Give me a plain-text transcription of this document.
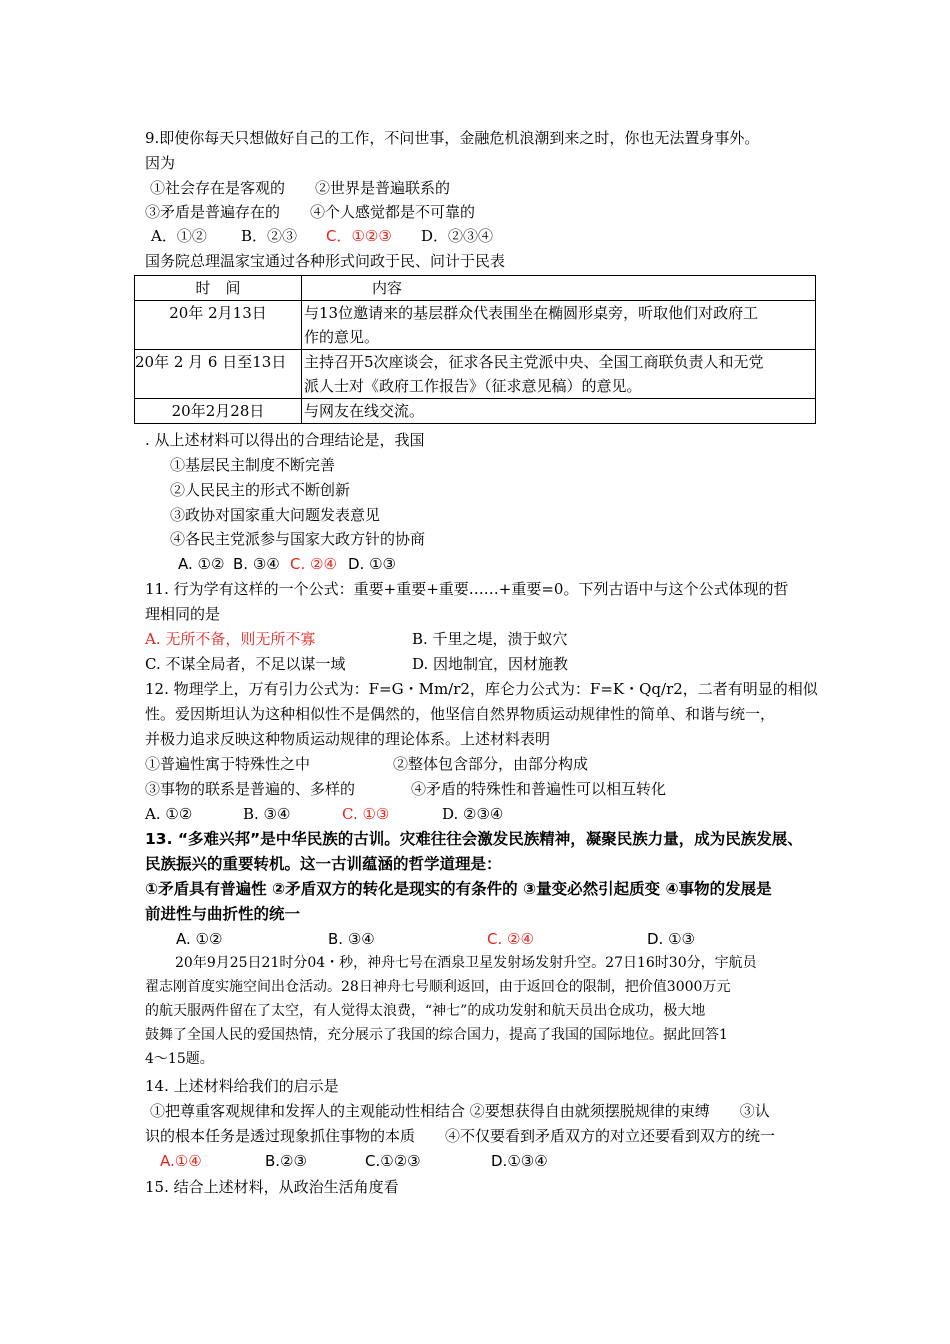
9.即使你每天只想做好自己的工作，不问世事，金融危机浪潮到来之时，你也无法置身事外。
因为
①社会存在是客观的　　②世界是普遍联系的
③矛盾是普遍存在的　　④个人感觉都是不可靠的
A．①② B．②③ C．①②③ D．②③④
国务院总理温家宝通过各种形式问政于民、问计于民表
时　间	内容
20年 2月13日	与13位邀请来的基层群众代表围坐在椭圆形桌旁，听取他们对政府工
作的意见。

20年 2 月 6 日至13日	主持召开5次座谈会，征求各民主党派中央、全国工商联负责人和无党
派人士对《政府工作报告》（征求意见稿）的意见。

20年2月28日	与网友在线交流。
. 从上述材料可以得出的合理结论是，我国
①基层民主制度不断完善
②人民民主的形式不断创新
③政协对国家重大问题发表意见
④各民主党派参与国家大政方针的协商
A. ①② B. ③④ C. ②④ D. ①③
11. 行为学有这样的一个公式：重要+重要+重要……+重要=0。下列古语中与这个公式体现的哲
理相同的是
A. 无所不备，则无所不寡	B. 千里之堤，溃于蚁穴
C. 不谋全局者，不足以谋一域	D. 因地制宜，因材施教
12. 物理学上，万有引力公式为：F=G・Mm/r2，库仑力公式为：F=K・Qq/r2，二者有明显的相似
性。爱因斯坦认为这种相似性不是偶然的，他坚信自然界物质运动规律性的简单、和谐与统一，
并极力追求反映这种物质运动规律的理论体系。上述材料表明
①普遍性寓于特殊性之中	②整体包含部分，由部分构成
③事物的联系是普遍的、多样的	④矛盾的特殊性和普遍性可以相互转化
A. ①②	B. ③④	C. ①③	D. ②③④
13. “多难兴邦”是中华民族的古训。灾难往往会激发民族精神，凝聚民族力量，成为民族发展、
民族振兴的重要转机。这一古训蕴涵的哲学道理是：
①矛盾具有普遍性 ②矛盾双方的转化是现实的有条件的 ③量变必然引起质变 ④事物的发展是
前进性与曲折性的统一
A. ①②	B. ③④	C. ②④	D. ①③
20年9月25日21时分04・秒，神舟七号在酒泉卫星发射场发射升空。27日16时30分，宇航员
翟志刚首度实施空间出仓活动。28日神舟七号顺利返回，由于返回仓的限制，把价值3000万元
的航天服两件留在了太空，有人觉得太浪费，“神七”的成功发射和航天员出仓成功，极大地
鼓舞了全国人民的爱国热情，充分展示了我国的综合国力，提高了我国的国际地位。据此回答1
4～15题。
14. 上述材料给我们的启示是
①把尊重客观规律和发挥人的主观能动性相结合 ②要想获得自由就须摆脱规律的束缚　　③认
识的根本任务是透过现象抓住事物的本质　　④不仅要看到矛盾双方的对立还要看到双方的统一
A.①④	B.②③	C.①②③	D.①③④
15. 结合上述材料，从政治生活角度看
